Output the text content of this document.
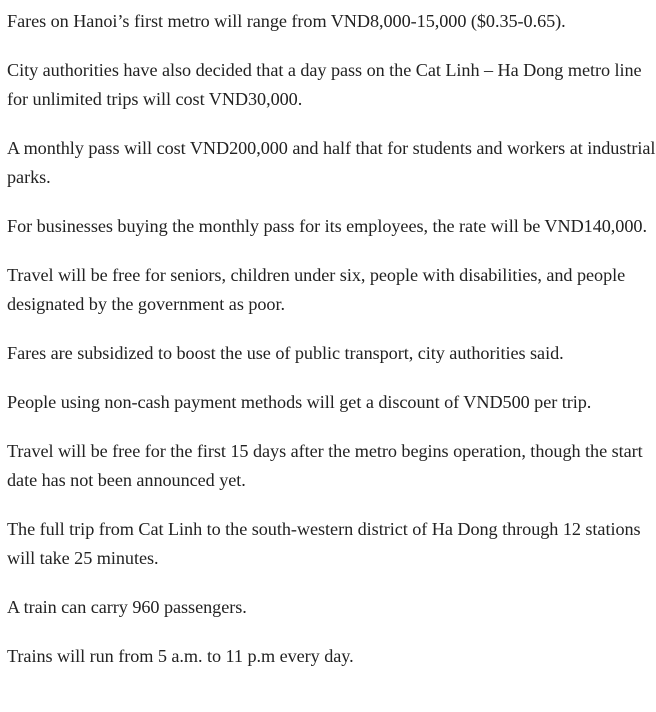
Fares on Hanoi’s first metro will range from VND8,000-15,000 ($0.35-0.65).

City authorities have also decided that a day pass on the Cat Linh – Ha Dong metro line for unlimited trips will cost VND30,000.

A monthly pass will cost VND200,000 and half that for students and workers at industrial parks.

For businesses buying the monthly pass for its employees, the rate will be VND140,000.

Travel will be free for seniors, children under six, people with disabilities, and people designated by the government as poor.

Fares are subsidized to boost the use of public transport, city authorities said.

People using non-cash payment methods will get a discount of VND500 per trip.

Travel will be free for the first 15 days after the metro begins operation, though the start date has not been announced yet.

The full trip from Cat Linh to the south-western district of Ha Dong through 12 stations will take 25 minutes.

A train can carry 960 passengers.

Trains will run from 5 a.m. to 11 p.m every day.
